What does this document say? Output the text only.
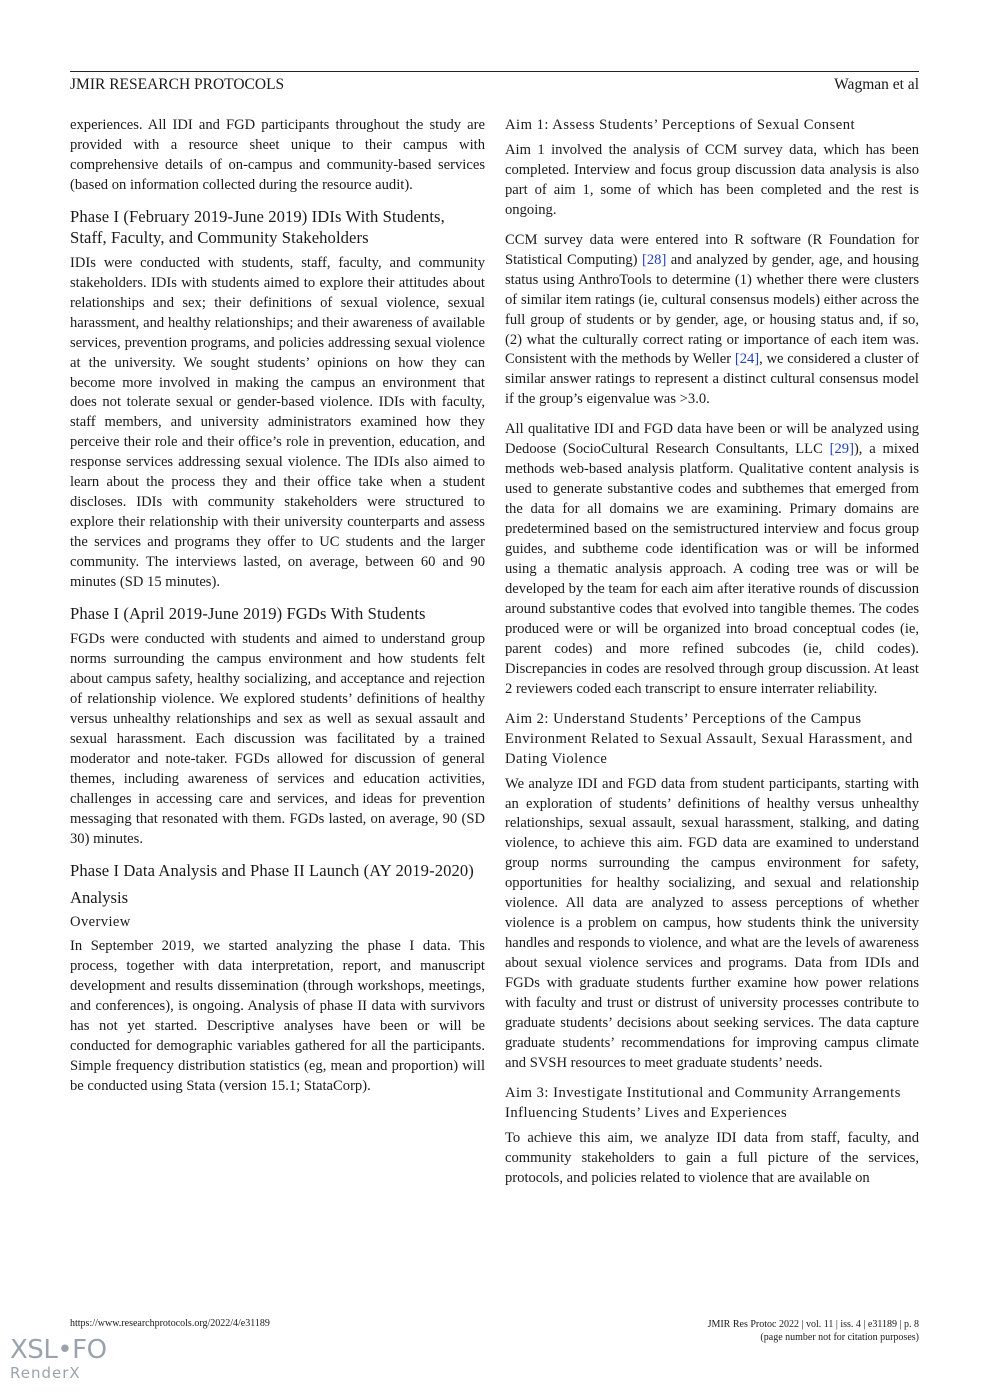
JMIR RESEARCH PROTOCOLS	Wagman et al

experiences. All IDI and FGD participants throughout the study are provided with a resource sheet unique to their campus with comprehensive details of on-campus and community-based services (based on information collected during the resource audit).

Phase I (February 2019-June 2019) IDIs With Students, Staff, Faculty, and Community Stakeholders

IDIs were conducted with students, staff, faculty, and community stakeholders. IDIs with students aimed to explore their attitudes about relationships and sex; their definitions of sexual violence, sexual harassment, and healthy relationships; and their awareness of available services, prevention programs, and policies addressing sexual violence at the university. We sought students’ opinions on how they can become more involved in making the campus an environment that does not tolerate sexual or gender-based violence. IDIs with faculty, staff members, and university administrators examined how they perceive their role and their office’s role in prevention, education, and response services addressing sexual violence. The IDIs also aimed to learn about the process they and their office take when a student discloses. IDIs with community stakeholders were structured to explore their relationship with their university counterparts and assess the services and programs they offer to UC students and the larger community. The interviews lasted, on average, between 60 and 90 minutes (SD 15 minutes).

Phase I (April 2019-June 2019) FGDs With Students

FGDs were conducted with students and aimed to understand group norms surrounding the campus environment and how students felt about campus safety, healthy socializing, and acceptance and rejection of relationship violence. We explored students’ definitions of healthy versus unhealthy relationships and sex as well as sexual assault and sexual harassment. Each discussion was facilitated by a trained moderator and note-taker. FGDs allowed for discussion of general themes, including awareness of services and education activities, challenges in accessing care and services, and ideas for prevention messaging that resonated with them. FGDs lasted, on average, 90 (SD 30) minutes.

Phase I Data Analysis and Phase II Launch (AY 2019-2020)
Analysis
Overview

In September 2019, we started analyzing the phase I data. This process, together with data interpretation, report, and manuscript development and results dissemination (through workshops, meetings, and conferences), is ongoing. Analysis of phase II data with survivors has not yet started. Descriptive analyses have been or will be conducted for demographic variables gathered for all the participants. Simple frequency distribution statistics (eg, mean and proportion) will be conducted using Stata (version 15.1; StataCorp).

Aim 1: Assess Students’ Perceptions of Sexual Consent

Aim 1 involved the analysis of CCM survey data, which has been completed. Interview and focus group discussion data analysis is also part of aim 1, some of which has been completed and the rest is ongoing.

CCM survey data were entered into R software (R Foundation for Statistical Computing) [28] and analyzed by gender, age, and housing status using AnthroTools to determine (1) whether there were clusters of similar item ratings (ie, cultural consensus models) either across the full group of students or by gender, age, or housing status and, if so, (2) what the culturally correct rating or importance of each item was. Consistent with the methods by Weller [24], we considered a cluster of similar answer ratings to represent a distinct cultural consensus model if the group’s eigenvalue was >3.0.

All qualitative IDI and FGD data have been or will be analyzed using Dedoose (SocioCultural Research Consultants, LLC [29]), a mixed methods web-based analysis platform. Qualitative content analysis is used to generate substantive codes and subthemes that emerged from the data for all domains we are examining. Primary domains are predetermined based on the semistructured interview and focus group guides, and subtheme code identification was or will be informed using a thematic analysis approach. A coding tree was or will be developed by the team for each aim after iterative rounds of discussion around substantive codes that evolved into tangible themes. The codes produced were or will be organized into broad conceptual codes (ie, parent codes) and more refined subcodes (ie, child codes). Discrepancies in codes are resolved through group discussion. At least 2 reviewers coded each transcript to ensure interrater reliability.

Aim 2: Understand Students’ Perceptions of the Campus Environment Related to Sexual Assault, Sexual Harassment, and Dating Violence

We analyze IDI and FGD data from student participants, starting with an exploration of students’ definitions of healthy versus unhealthy relationships, sexual assault, sexual harassment, stalking, and dating violence, to achieve this aim. FGD data are examined to understand group norms surrounding the campus environment for safety, opportunities for healthy socializing, and sexual and relationship violence. All data are analyzed to assess perceptions of whether violence is a problem on campus, how students think the university handles and responds to violence, and what are the levels of awareness about sexual violence services and programs. Data from IDIs and FGDs with graduate students further examine how power relations with faculty and trust or distrust of university processes contribute to graduate students’ decisions about seeking services. The data capture graduate students’ recommendations for improving campus climate and SVSH resources to meet graduate students’ needs.

Aim 3: Investigate Institutional and Community Arrangements Influencing Students’ Lives and Experiences

To achieve this aim, we analyze IDI data from staff, faculty, and community stakeholders to gain a full picture of the services, protocols, and policies related to violence that are available on

https://www.researchprotocols.org/2022/4/e31189	JMIR Res Protoc 2022 | vol. 11 | iss. 4 | e31189 | p. 8
(page number not for citation purposes)
XSL•FO
RenderX
